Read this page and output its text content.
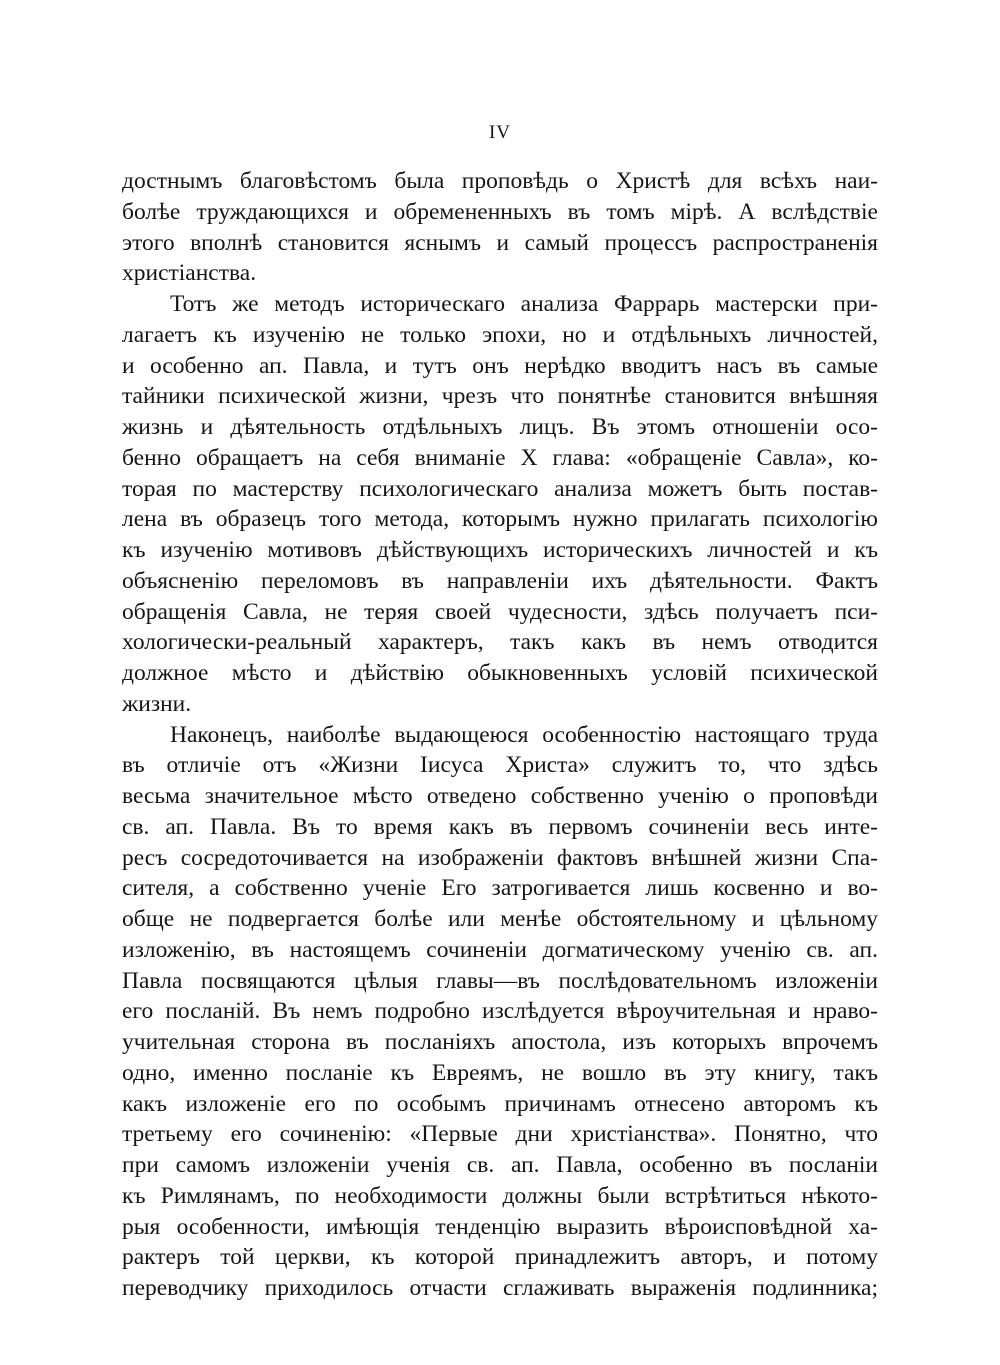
IV
достнымъ благовѣстомъ была проповѣдь о Христѣ для всѣхъ наи-
болѣе труждающихся и обремененныхъ въ томъ мірѣ. А вслѣдствіе
этого вполнѣ становится яснымъ и самый процессъ распространенія
христіанства.
Тотъ же методъ историческаго анализа Фаррарь мастерски при-
лагаетъ къ изученію не только эпохи, но и отдѣльныхъ личностей,
и особенно ап. Павла, и тутъ онъ нерѣдко вводитъ насъ въ самые
тайники психической жизни, чрезъ что понятнѣе становится внѣшняя
жизнь и дѣятельность отдѣльныхъ лицъ. Въ этомъ отношеніи осо-
бенно обращаетъ на себя вниманіе X глава: «обращеніе Савла», ко-
торая по мастерству психологическаго анализа можетъ быть постав-
лена въ образецъ того метода, которымъ нужно прилагать психологію
къ изученію мотивовъ дѣйствующихъ историческихъ личностей и къ
объясненію переломовъ въ направленіи ихъ дѣятельности. Фактъ
обращенія Савла, не теряя своей чудесности, здѣсь получаетъ пси-
хологически-реальный характеръ, такъ какъ въ немъ отводится
должное мѣсто и дѣйствію обыкновенныхъ условій психической
жизни.
Наконецъ, наиболѣе выдающеюся особенностію настоящаго труда
въ отличіе отъ «Жизни Іисуса Христа» служитъ то, что здѣсь
весьма значительное мѣсто отведено собственно ученію о проповѣди
св. ап. Павла. Въ то время какъ въ первомъ сочиненіи весь инте-
ресъ сосредоточивается на изображеніи фактовъ внѣшней жизни Спа-
сителя, а собственно ученіе Его затрогивается лишь косвенно и во-
обще не подвергается болѣе или менѣе обстоятельному и цѣльному
изложенію, въ настоящемъ сочиненіи догматическому ученію св. ап.
Павла посвящаются цѣлыя главы—въ послѣдовательномъ изложеніи
его посланій. Въ немъ подробно изслѣдуется вѣроучительная и нраво-
учительная сторона въ посланіяхъ апостола, изъ которыхъ впрочемъ
одно, именно посланіе къ Евреямъ, не вошло въ эту книгу, такъ
какъ изложеніе его по особымъ причинамъ отнесено авторомъ къ
третьему его сочиненію: «Первые дни христіанства». Понятно, что
при самомъ изложеніи ученія св. ап. Павла, особенно въ посланіи
къ Римлянамъ, по необходимости должны были встрѣтиться нѣкото-
рыя особенности, имѣющія тенденцію выразить вѣроисповѣдной ха-
рактеръ той церкви, къ которой принадлежитъ авторъ, и потому
переводчику приходилось отчасти сглаживать выраженія подлинника;
